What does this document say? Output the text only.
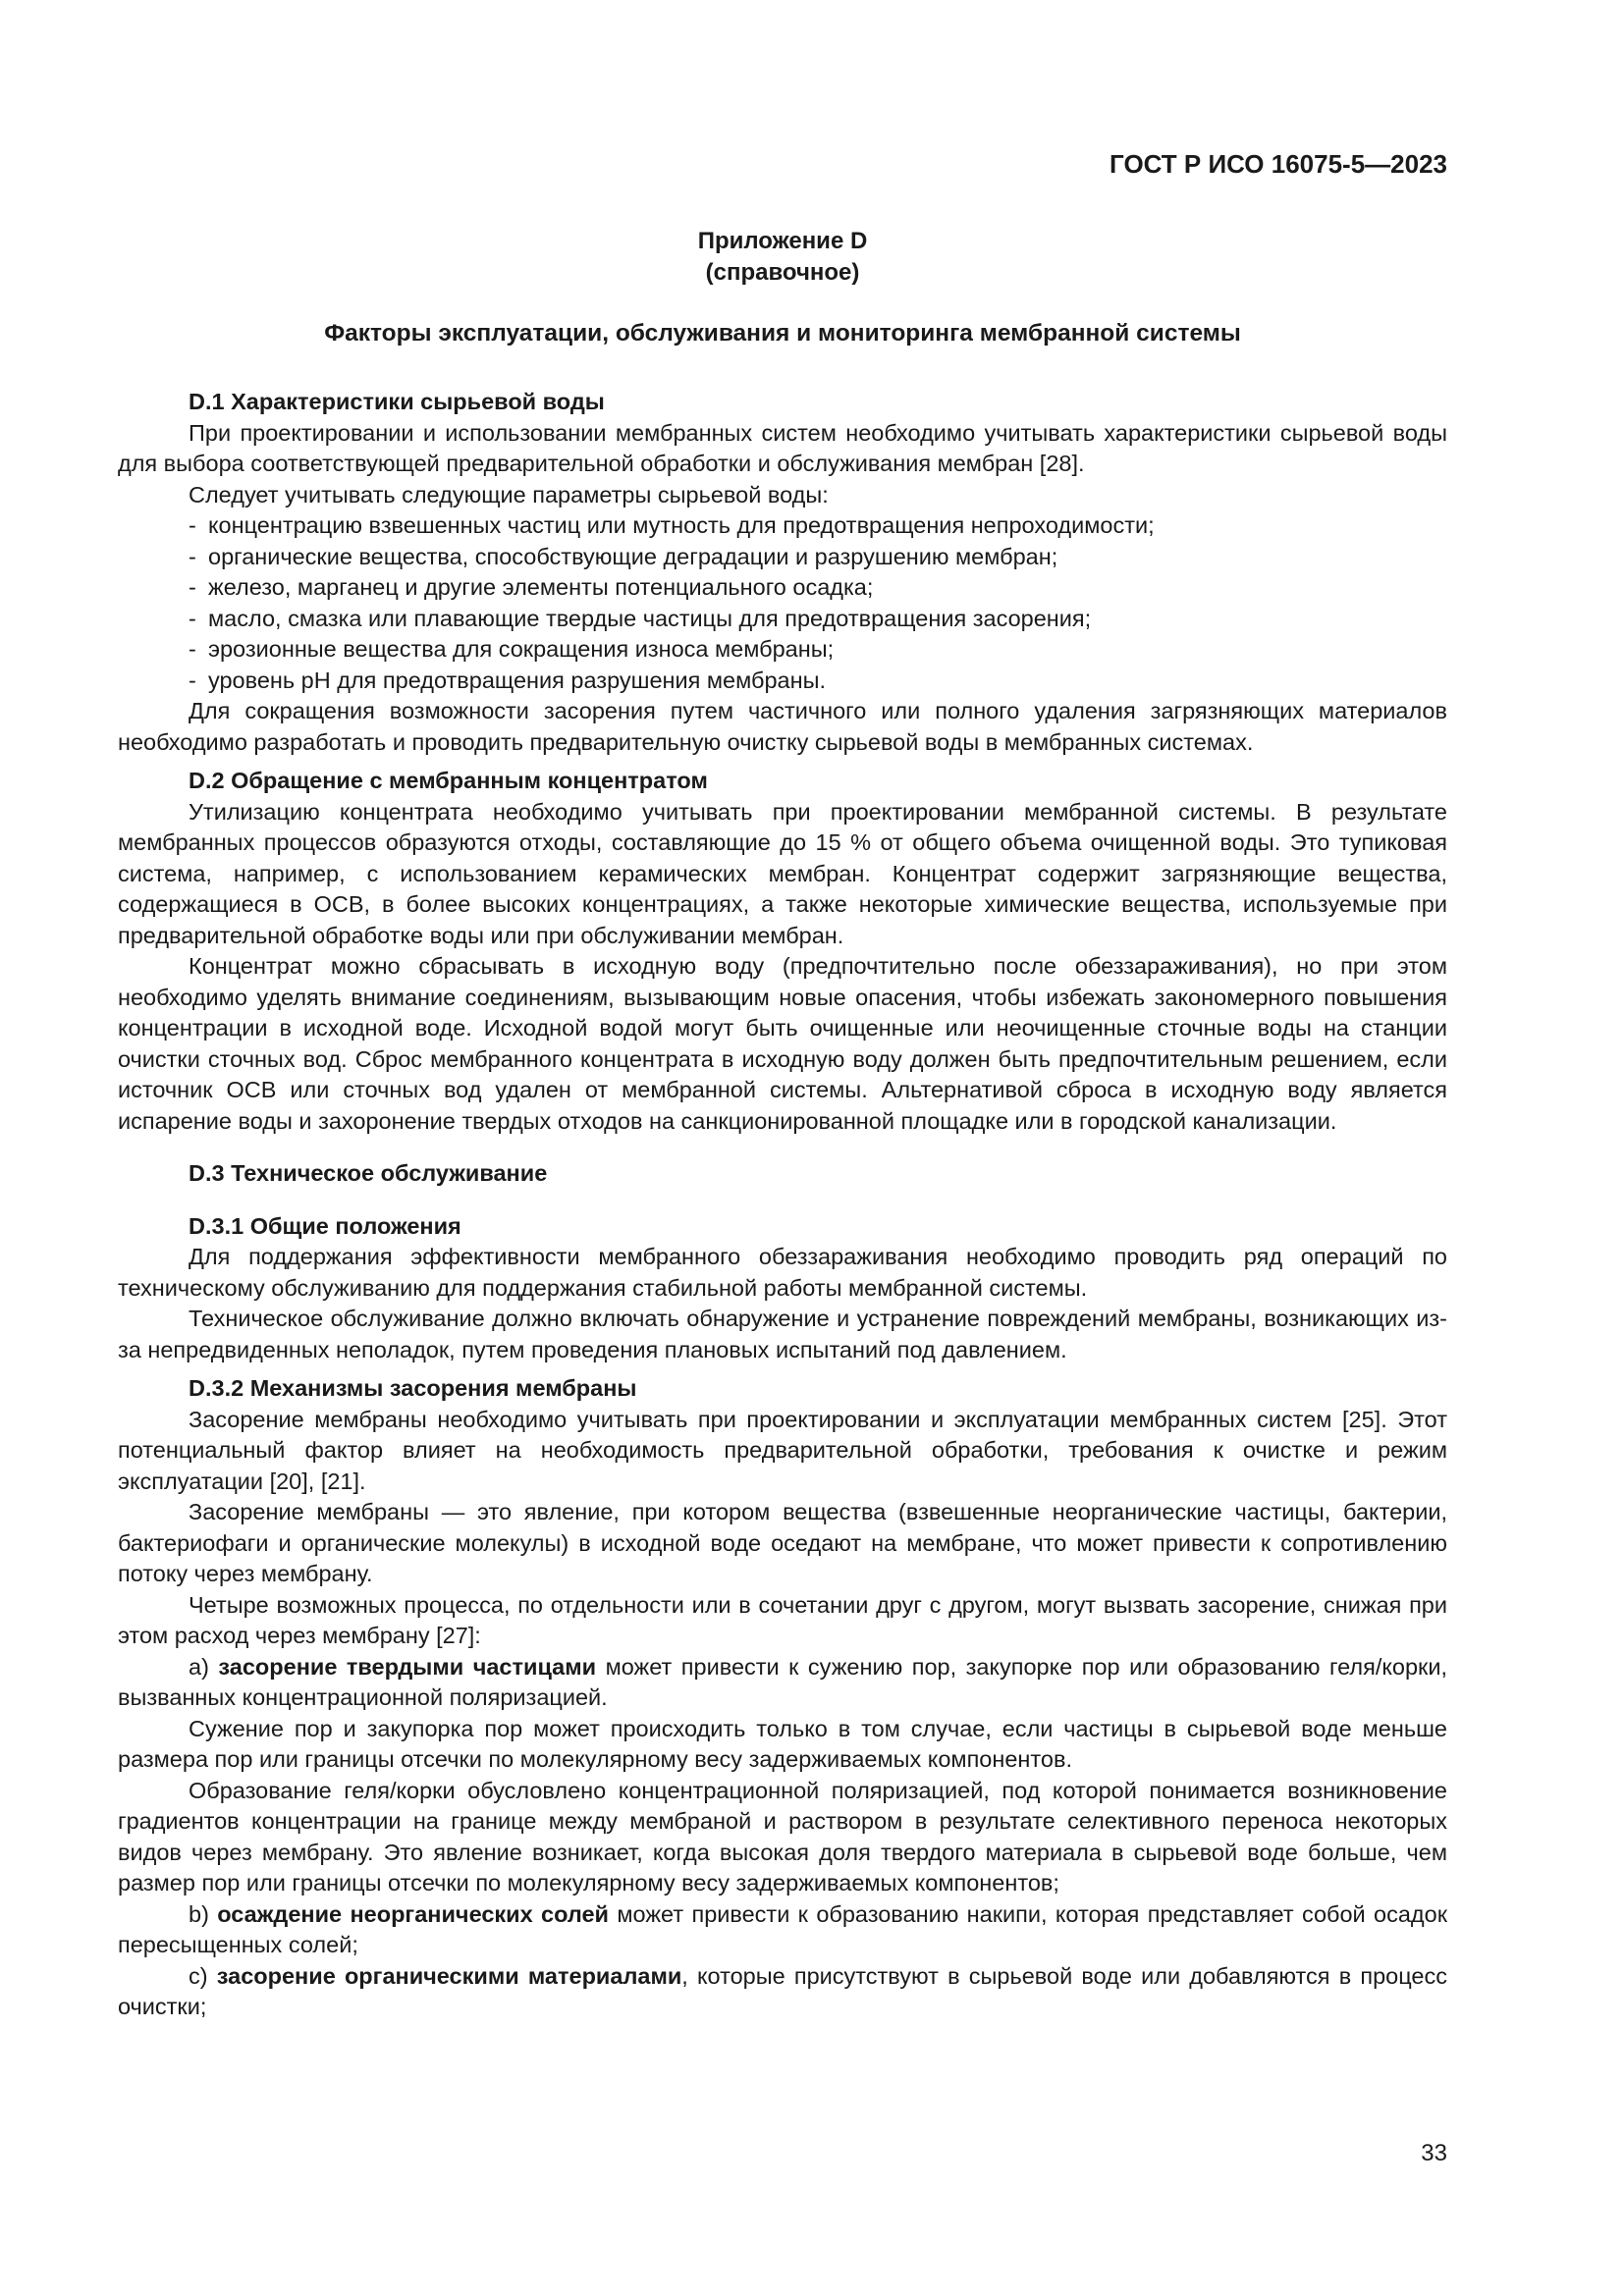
ГОСТ Р ИСО 16075-5—2023
Приложение D
(справочное)
Факторы эксплуатации, обслуживания и мониторинга мембранной системы
D.1 Характеристики сырьевой воды

При проектировании и использовании мембранных систем необходимо учитывать характеристики сырьевой воды для выбора соответствующей предварительной обработки и обслуживания мембран [28].

Следует учитывать следующие параметры сырьевой воды:

- концентрацию взвешенных частиц или мутность для предотвращения непроходимости;
- органические вещества, способствующие деградации и разрушению мембран;
- железо, марганец и другие элементы потенциального осадка;
- масло, смазка или плавающие твердые частицы для предотвращения засорения;
- эрозионные вещества для сокращения износа мембраны;
- уровень pH для предотвращения разрушения мембраны.

Для сокращения возможности засорения путем частичного или полного удаления загрязняющих материалов необходимо разработать и проводить предварительную очистку сырьевой воды в мембранных системах.

D.2 Обращение с мембранным концентратом

Утилизацию концентрата необходимо учитывать при проектировании мембранной системы. В результате мембранных процессов образуются отходы, составляющие до 15 % от общего объема очищенной воды. Это тупиковая система, например, с использованием керамических мембран. Концентрат содержит загрязняющие вещества, содержащиеся в ОСВ, в более высоких концентрациях, а также некоторые химические вещества, используемые при предварительной обработке воды или при обслуживании мембран.

Концентрат можно сбрасывать в исходную воду (предпочтительно после обеззараживания), но при этом необходимо уделять внимание соединениям, вызывающим новые опасения, чтобы избежать закономерного повышения концентрации в исходной воде. Исходной водой могут быть очищенные или неочищенные сточные воды на станции очистки сточных вод. Сброс мембранного концентрата в исходную воду должен быть предпочтительным решением, если источник ОСВ или сточных вод удален от мембранной системы. Альтернативой сброса в исходную воду является испарение воды и захоронение твердых отходов на санкционированной площадке или в городской канализации.

D.3 Техническое обслуживание
D.3.1 Общие положения

Для поддержания эффективности мембранного обеззараживания необходимо проводить ряд операций по техническому обслуживанию для поддержания стабильной работы мембранной системы.

Техническое обслуживание должно включать обнаружение и устранение повреждений мембраны, возникающих из-за непредвиденных неполадок, путем проведения плановых испытаний под давлением.

D.3.2 Механизмы засорения мембраны

Засорение мембраны необходимо учитывать при проектировании и эксплуатации мембранных систем [25]. Этот потенциальный фактор влияет на необходимость предварительной обработки, требования к очистке и режим эксплуатации [20], [21].

Засорение мембраны — это явление, при котором вещества (взвешенные неорганические частицы, бактерии, бактериофаги и органические молекулы) в исходной воде оседают на мембране, что может привести к сопротивлению потоку через мембрану.

Четыре возможных процесса, по отдельности или в сочетании друг с другом, могут вызвать засорение, снижая при этом расход через мембрану [27]:

a) засорение твердыми частицами может привести к сужению пор, закупорке пор или образованию геля/корки, вызванных концентрационной поляризацией.

Сужение пор и закупорка пор может происходить только в том случае, если частицы в сырьевой воде меньше размера пор или границы отсечки по молекулярному весу задерживаемых компонентов.

Образование геля/корки обусловлено концентрационной поляризацией, под которой понимается возникновение градиентов концентрации на границе между мембраной и раствором в результате селективного переноса некоторых видов через мембрану. Это явление возникает, когда высокая доля твердого материала в сырьевой воде больше, чем размер пор или границы отсечки по молекулярному весу задерживаемых компонентов;

b) осаждение неорганических солей может привести к образованию накипи, которая представляет собой осадок пересыщенных солей;

c) засорение органическими материалами, которые присутствуют в сырьевой воде или добавляются в процесс очистки;

33
